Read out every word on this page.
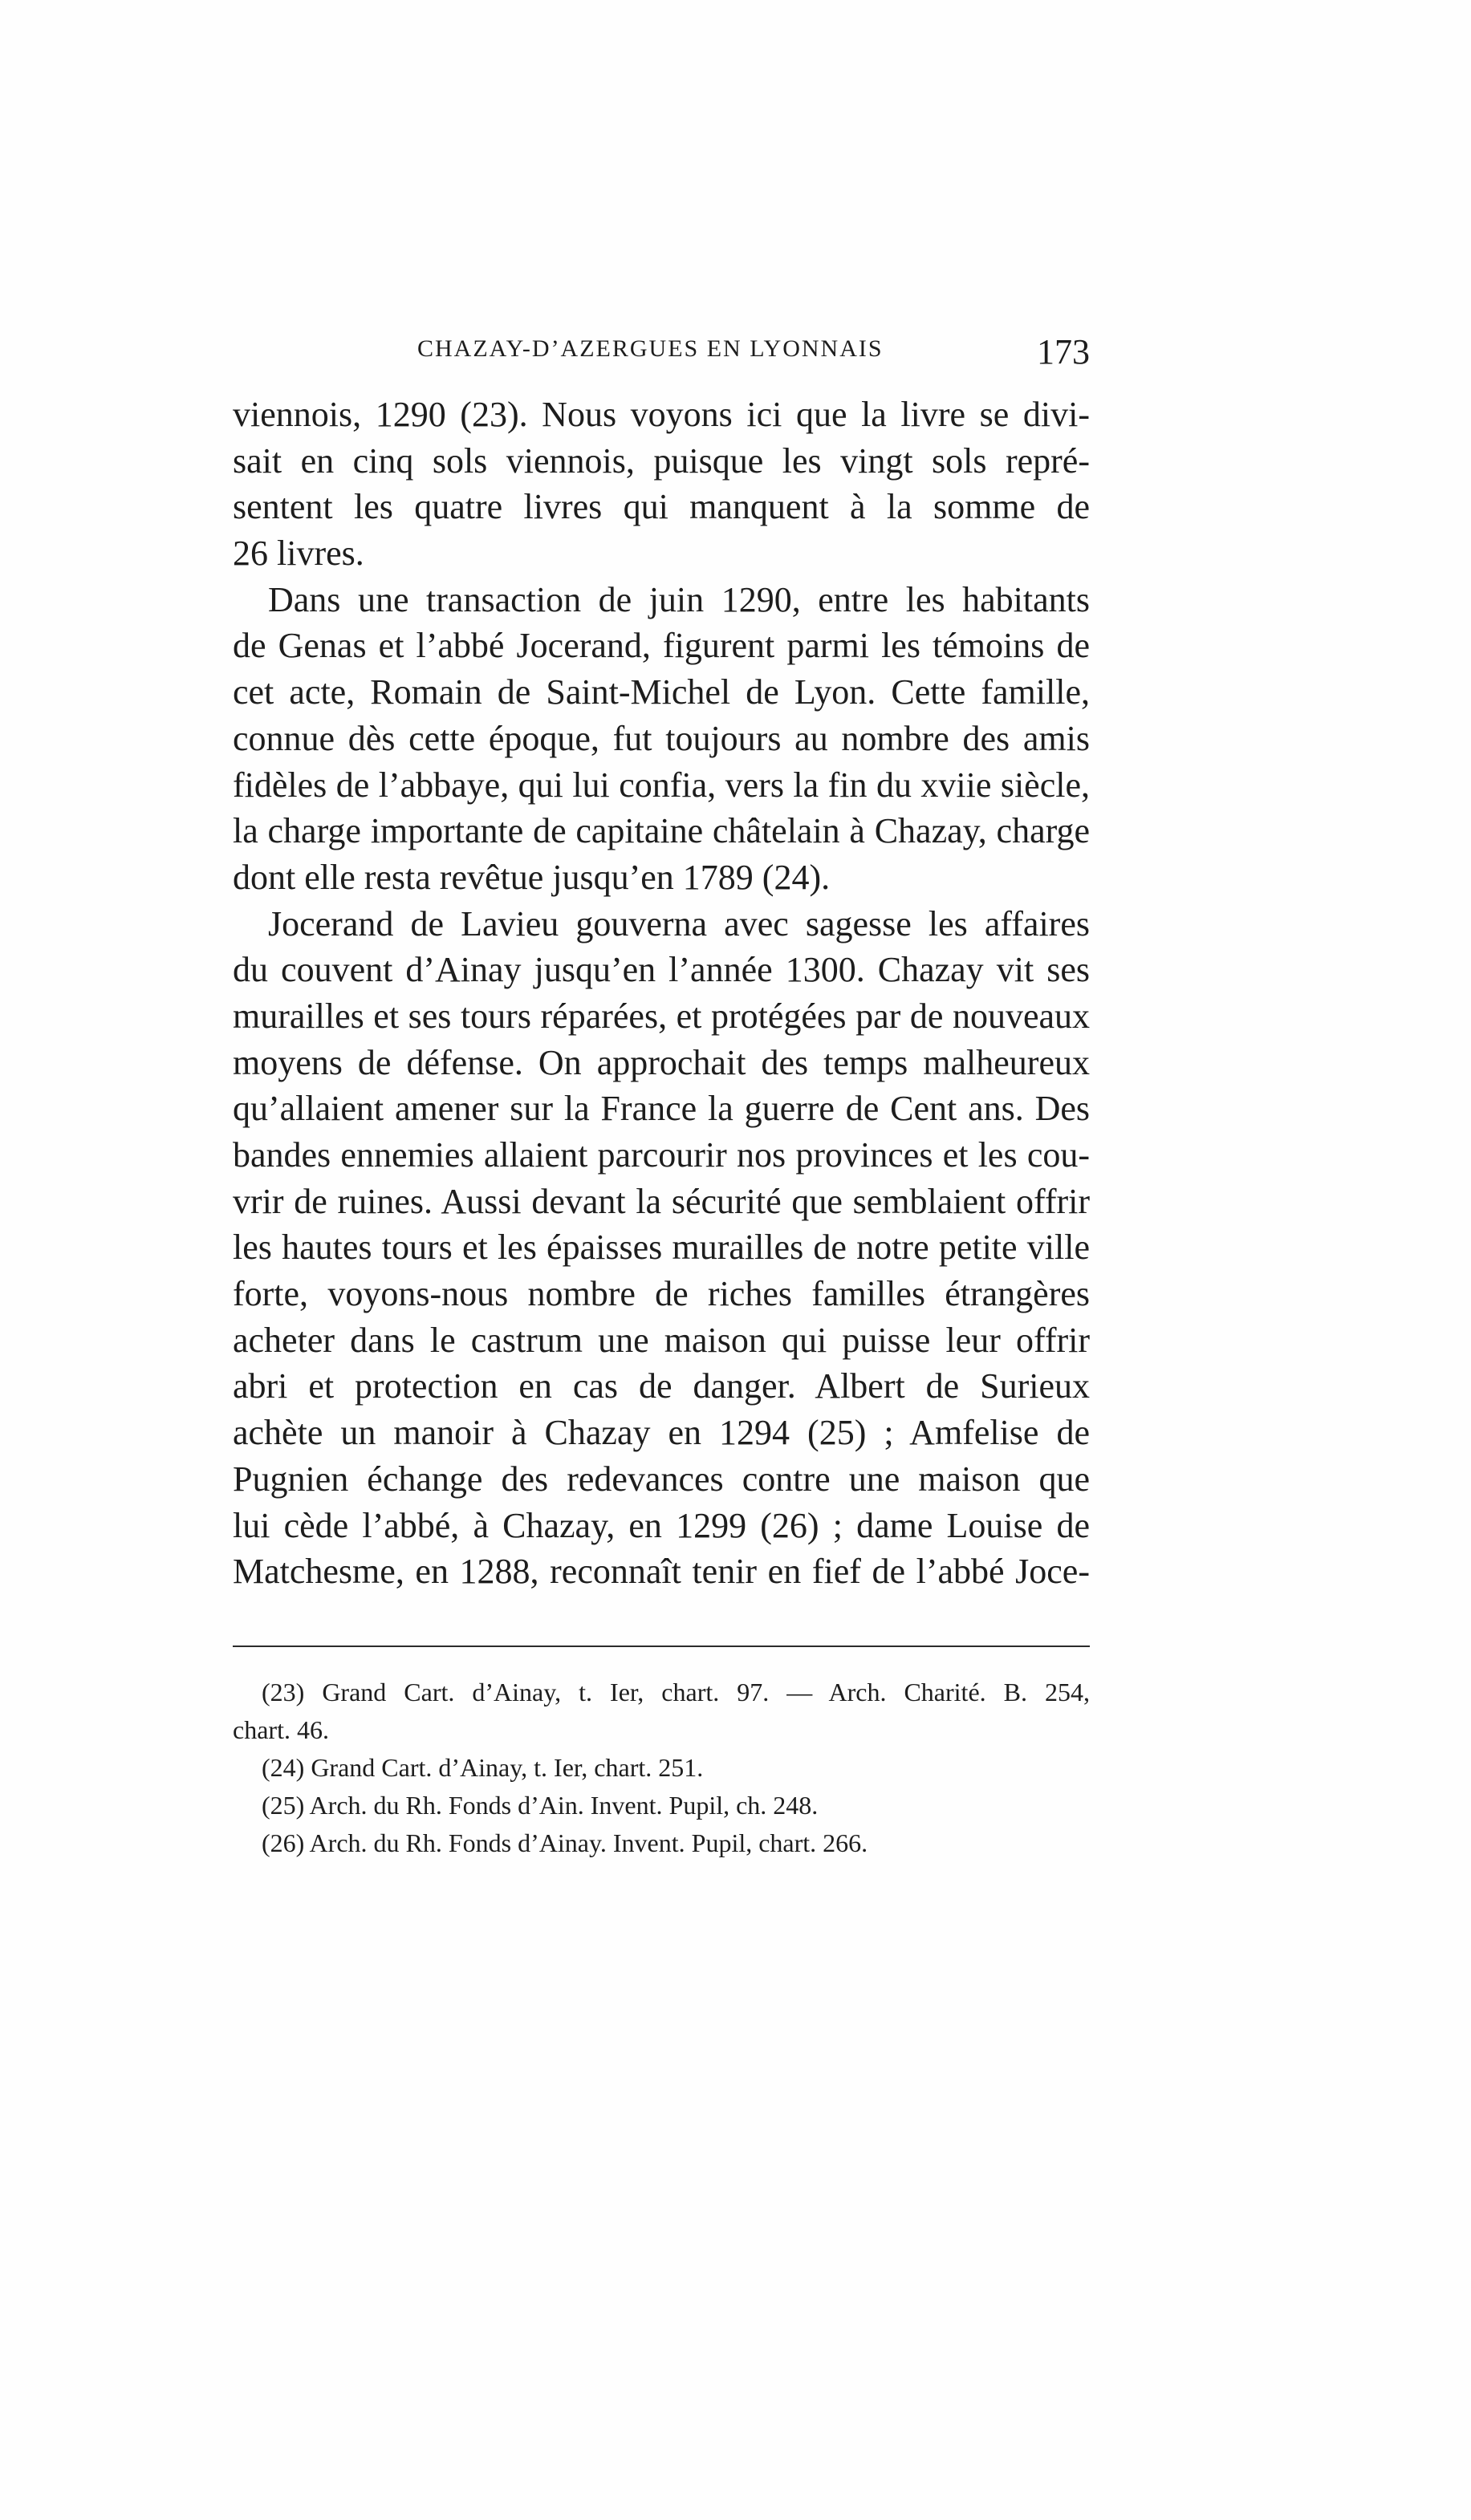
CHAZAY-D’AZERGUES EN LYONNAIS	173
viennois, 1290 (23). Nous voyons ici que la livre se divi-
sait en cinq sols viennois, puisque les vingt sols repré-
sentent les quatre livres qui manquent à la somme de
26 livres.
Dans une transaction de juin 1290, entre les habitants
de Genas et l’abbé Jocerand, figurent parmi les témoins de
cet acte, Romain de Saint-Michel de Lyon. Cette famille,
connue dès cette époque, fut toujours au nombre des amis
fidèles de l’abbaye, qui lui confia, vers la fin du xviie siècle,
la charge importante de capitaine châtelain à Chazay, charge
dont elle resta revêtue jusqu’en 1789 (24).
Jocerand de Lavieu gouverna avec sagesse les affaires
du couvent d’Ainay jusqu’en l’année 1300. Chazay vit ses
murailles et ses tours réparées, et protégées par de nouveaux
moyens de défense. On approchait des temps malheureux
qu’allaient amener sur la France la guerre de Cent ans. Des
bandes ennemies allaient parcourir nos provinces et les cou-
vrir de ruines. Aussi devant la sécurité que semblaient offrir
les hautes tours et les épaisses murailles de notre petite ville
forte, voyons-nous nombre de riches familles étrangères
acheter dans le castrum une maison qui puisse leur offrir
abri et protection en cas de danger. Albert de Surieux
achète un manoir à Chazay en 1294 (25) ; Amfelise de
Pugnien échange des redevances contre une maison que
lui cède l’abbé, à Chazay, en 1299 (26) ; dame Louise de
Matchesme, en 1288, reconnaît tenir en fief de l’abbé Joce-
(23) Grand Cart. d’Ainay, t. Ier, chart. 97. — Arch. Charité. B. 254,
chart. 46.
(24) Grand Cart. d’Ainay, t. Ier, chart. 251.
(25) Arch. du Rh. Fonds d’Ain. Invent. Pupil, ch. 248.
(26) Arch. du Rh. Fonds d’Ainay. Invent. Pupil, chart. 266.
